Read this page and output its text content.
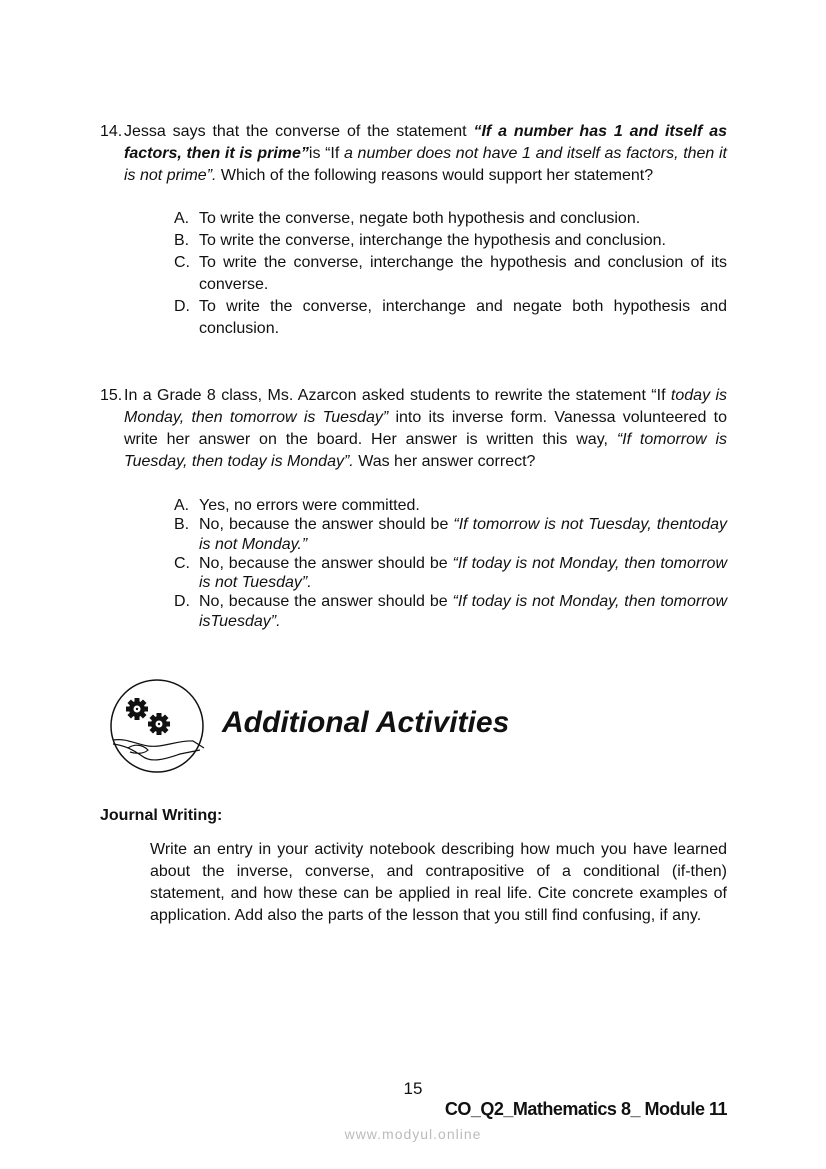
14. Jessa says that the converse of the statement “If a number has 1 and itself as factors, then it is prime”is “If a number does not have 1 and itself as factors, then it is not prime”. Which of the following reasons would support her statement?
A. To write the converse, negate both hypothesis and conclusion.
B. To write the converse, interchange the hypothesis and conclusion.
C. To write the converse, interchange the hypothesis and conclusion of its converse.
D. To write the converse, interchange and negate both hypothesis and conclusion.
15. In a Grade 8 class, Ms. Azarcon asked students to rewrite the statement “If today is Monday, then tomorrow is Tuesday” into its inverse form. Vanessa volunteered to write her answer on the board. Her answer is written this way, “If tomorrow is Tuesday, then today is Monday”. Was her answer correct?
A. Yes, no errors were committed.
B. No, because the answer should be “If tomorrow is not Tuesday, thentoday is not Monday.”
C. No, because the answer should be “If today is not Monday, then tomorrow is not Tuesday”.
D. No, because the answer should be “If today is not Monday, then tomorrow isTuesday”.
Additional Activities
Journal Writing:
Write an entry in your activity notebook describing how much you have learned about the inverse, converse, and contrapositive of a conditional (if-then) statement, and how these can be applied in real life. Cite concrete examples of application. Add also the parts of the lesson that you still find confusing, if any.
15
CO_Q2_Mathematics 8_ Module 11
www.modyul.online
